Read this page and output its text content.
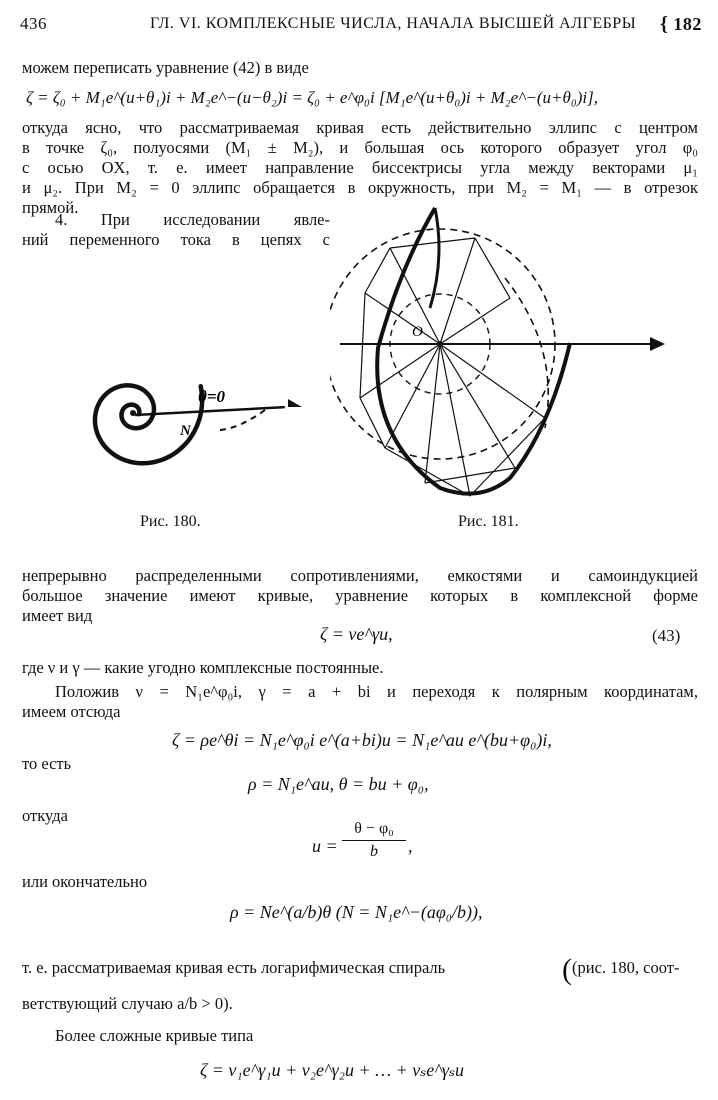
436	ГЛ. VI. КОМПЛЕКСНЫЕ ЧИСЛА, НАЧАЛА ВЫСШЕЙ АЛГЕБРЫ { 182
можем переписать уравнение (42) в виде
ζ = ζ₀ + M₁e^(u+θ₁)i + M₂e^−(u−θ₂)i = ζ₀ + e^φ₀i [M₁e^(u+θ₀)i + M₂e^−(u+θ₀)i],
откуда ясно, что рассматриваемая кривая есть действительно эллипс с центром
в точке ζ₀, полуосями (M₁ ± M₂), и большая ось которого образует угол φ₀
с осью OX, т. е. имеет направление биссектрисы угла между векторами μ₁
и μ₂. При M₂ = 0 эллипс обращается в окружность, при M₂ = M₁ — в отрезок
прямой.
4. При исследовании явле-
ний переменного тока в цепях с
θ=0
N
Рис. 180.
O
Рис. 181.
непрерывно распределенными сопротивлениями, емкостями и самоиндукцией
большое значение имеют кривые, уравнение которых в комплексной форме
имеет вид
ζ = νe^γu,	(43)
где ν и γ — какие угодно комплексные постоянные.
Положив ν = N₁e^φ₀i, γ = a + bi и переходя к полярным координатам,
имеем отсюда
ζ = ρe^θi = N₁e^φ₀i e^(a+bi)u = N₁e^au e^(bu+φ₀)i,
то есть
ρ = N₁e^au, θ = bu + φ₀,
откуда
u =
θ − φ₀
b	,
или окончательно
ρ = Ne^(a/b)θ (N = N₁e^−(aφ₀/b)),
т. е. рассматриваемая кривая есть логарифмическая спираль	((рис. 180, соот-
ветствующий случаю a/b > 0).
Более сложные кривые типа
ζ = ν₁e^γ₁u + ν₂e^γ₂u + … + νₛe^γₛu
